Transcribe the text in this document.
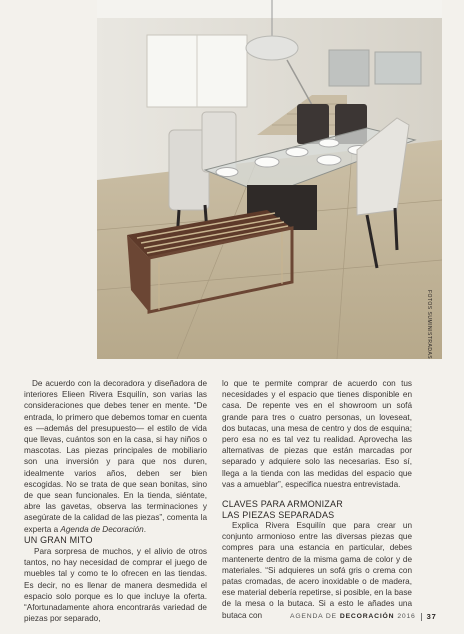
FOTOS SUMINISTRADAS

De acuerdo con la decoradora y diseñadora de interiores Elieen Rivera Esquilín, son varias las consideraciones que debes tener en mente. “De entrada, lo primero que debemos tomar en cuenta es —además del presupuesto— el estilo de vida que llevas, cuántos son en la casa, si hay niños o mascotas. Las piezas principales de mobiliario son una inversión y para que nos duren, idealmente varios años, deben ser bien escogidas. No se trata de que sean bonitas, sino de que sean funcionales. En la tienda, siéntate, abre las gavetas, observa las terminaciones y asegúrate de la calidad de las piezas”, comenta la experta a Agenda de Decoración.

UN GRAN MITO

Para sorpresa de muchos, y el alivio de otros tantos, no hay necesidad de comprar el juego de muebles tal y como te lo ofrecen en las tiendas. Es decir, no es llenar de manera desmedida el espacio solo porque es lo que incluye la oferta. “Afortunadamente ahora encontrarás variedad de piezas por separado,

lo que te permite comprar de acuerdo con tus necesidades y el espacio que tienes disponible en casa. De repente ves en el showroom un sofá grande para tres o cuatro personas, un loveseat, dos butacas, una mesa de centro y dos de esquina; pero esa no es tal vez tu realidad. Aprovecha las alternativas de piezas que están marcadas por separado y adquiere solo las necesarias. Eso sí, llega a la tienda con las medidas del espacio que vas a amueblar”, especifica nuestra entrevistada.

CLAVES PARA ARMONIZAR
LAS PIEZAS SEPARADAS

Explica Rivera Esquilín que para crear un conjunto armonioso entre las diversas piezas que compres para una estancia en particular, debes mantenerte dentro de la misma gama de color y de materiales. “Si adquieres un sofá gris o crema con patas cromadas, de acero inoxidable o de madera, ese material debería repetirse, si posible, en la base de la mesa o la butaca. Si a esto le añades una butaca con	AGENDA DE DECORACIÓN 2016 37
